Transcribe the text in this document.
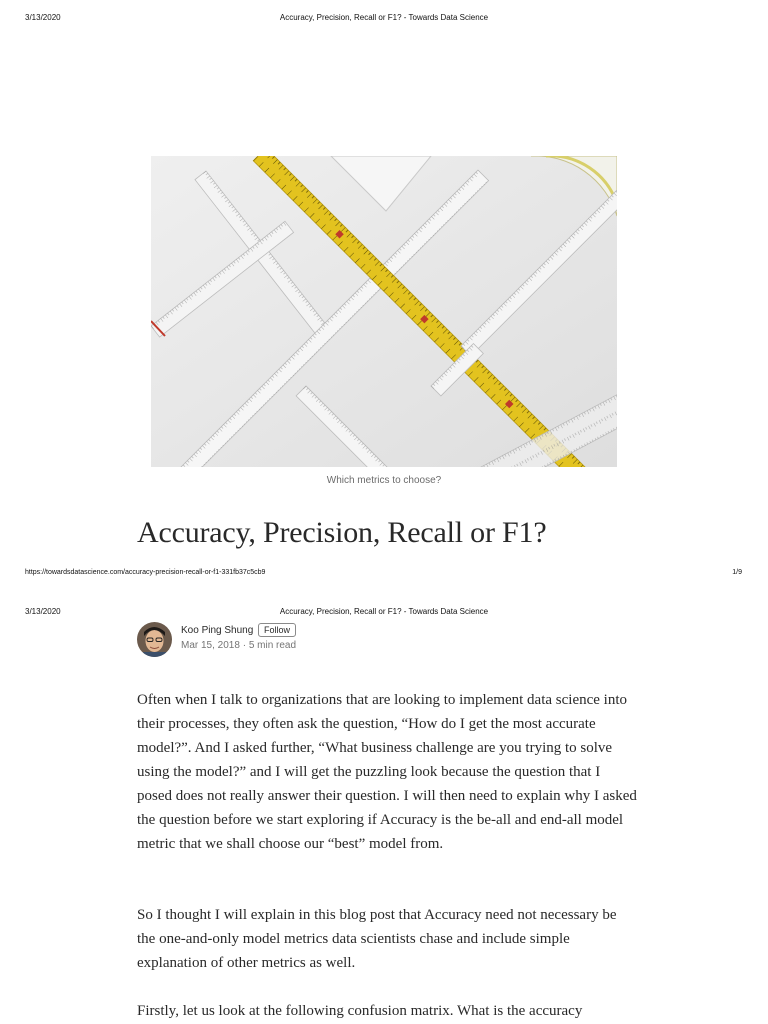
3/13/2020	Accuracy, Precision, Recall or F1? - Towards Data Science
Which metrics to choose?
Accuracy, Precision, Recall or F1?
https://towardsdatascience.com/accuracy-precision-recall-or-f1-331fb37c5cb9	1/9
3/13/2020	Accuracy, Precision, Recall or F1? - Towards Data Science
Koo Ping Shung	Follow
Mar 15, 2018 · 5 min read

Often when I talk to organizations that are looking to implement data science into their processes, they often ask the question, “How do I get the most accurate model?”. And I asked further, “What business challenge are you trying to solve using the model?” and I will get the puzzling look because the question that I posed does not really answer their question. I will then need to explain why I asked the question before we start exploring if Accuracy is the be-all and end-all model metric that we shall choose our “best” model from.

So I thought I will explain in this blog post that Accuracy need not necessary be the one-and-only model metrics data scientists chase and include simple explanation of other metrics as well.

Firstly, let us look at the following confusion matrix. What is the accuracy
